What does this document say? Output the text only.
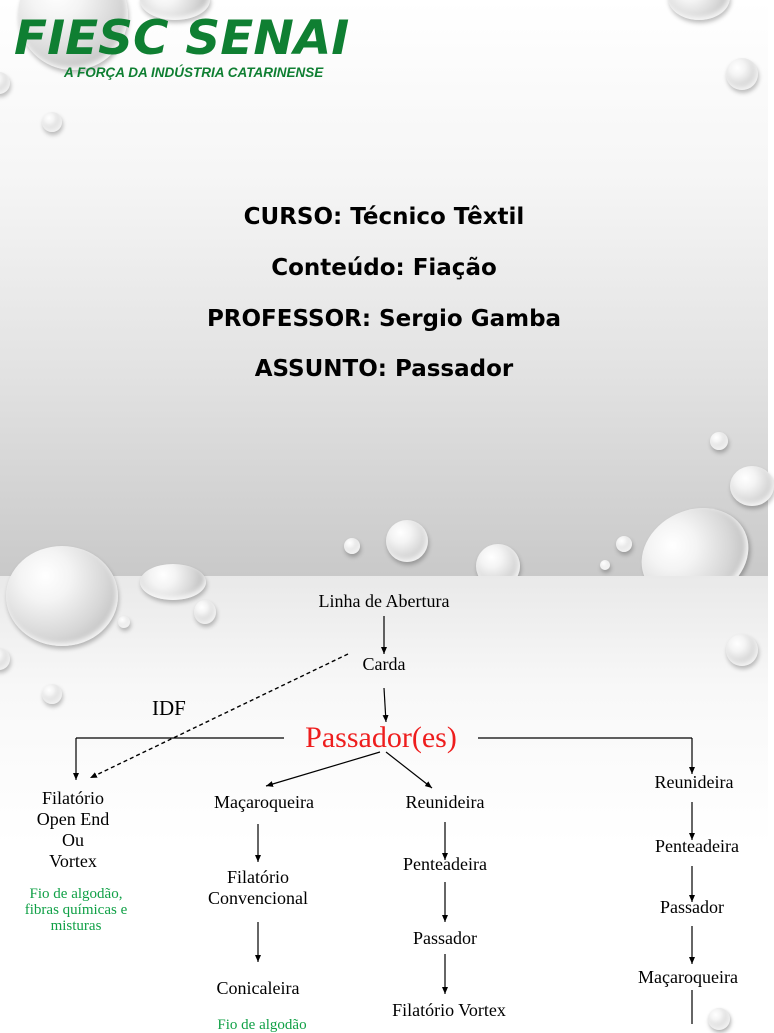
FIESC SENAI
A FORÇA DA INDÚSTRIA CATARINENSE
CURSO: Técnico Têxtil
Conteúdo: Fiação
PROFESSOR: Sergio Gamba
ASSUNTO: Passador
Linha de Abertura
Carda
IDF
Passador(es)
Filatório
Open End
Ou
Vortex
Fio de algodão,
fibras químicas e
misturas
Maçaroqueira
Filatório
Convencional
Conicaleira
Fio de algodão
Reunideira
Penteadeira
Passador
Filatório Vortex
Reunideira
Penteadeira
Passador
Maçaroqueira
